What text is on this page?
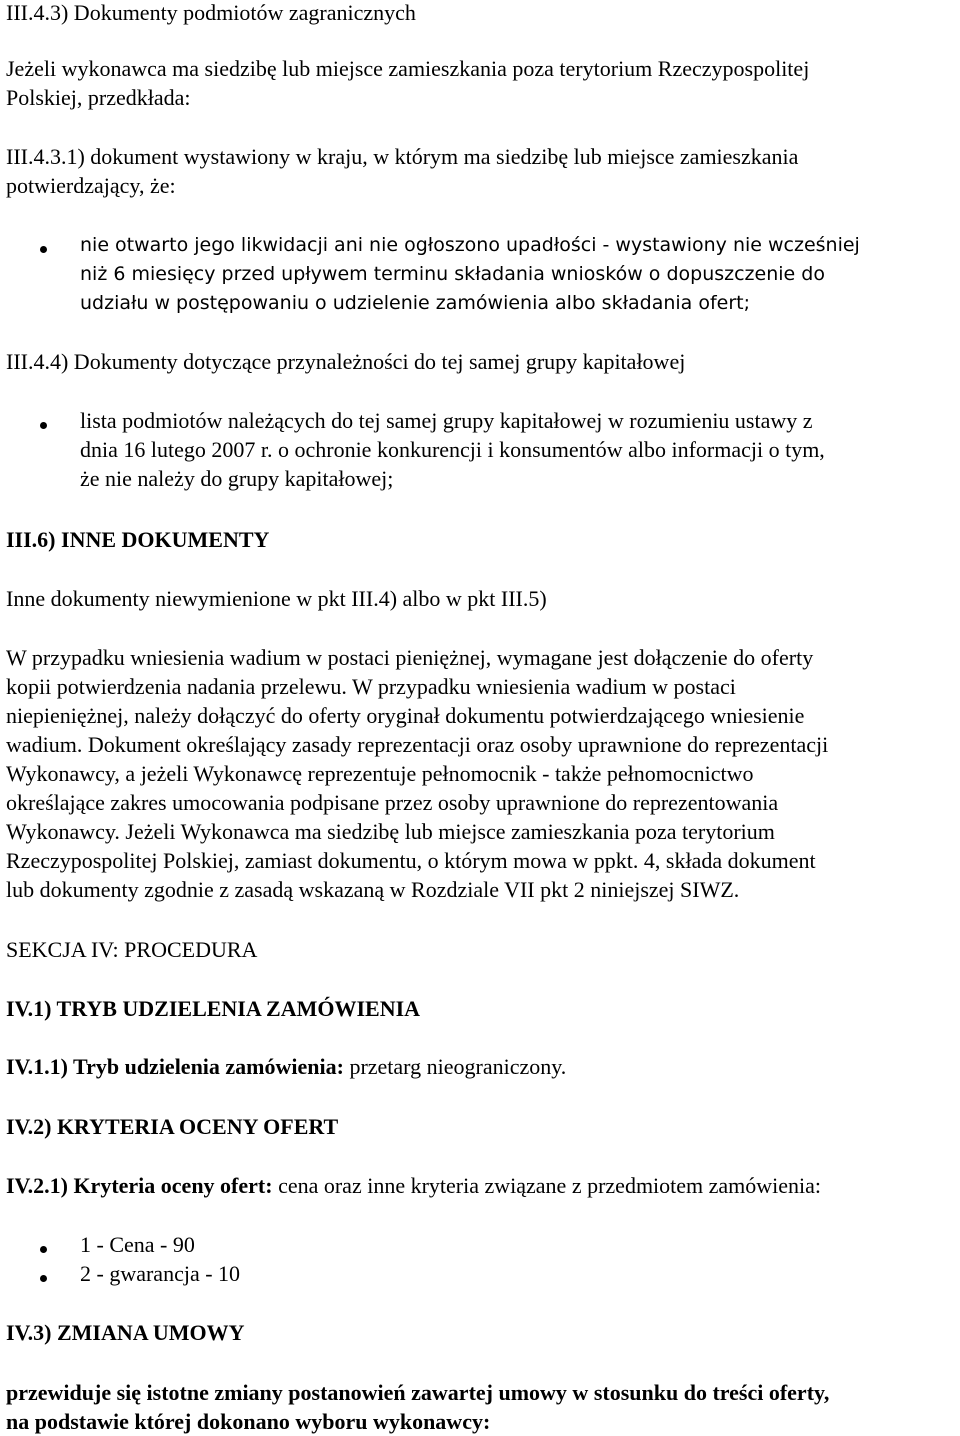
III.4.3) Dokumenty podmiotów zagranicznych

Jeżeli wykonawca ma siedzibę lub miejsce zamieszkania poza terytorium Rzeczypospolitej

Polskiej, przedkłada:

III.4.3.1) dokument wystawiony w kraju, w którym ma siedzibę lub miejsce zamieszkania

potwierdzający, że:

nie otwarto jego likwidacji ani nie ogłoszono upadłości - wystawiony nie wcześniej

niż 6 miesięcy przed upływem terminu składania wniosków o dopuszczenie do

udziału w postępowaniu o udzielenie zamówienia albo składania ofert;

III.4.4) Dokumenty dotyczące przynależności do tej samej grupy kapitałowej

lista podmiotów należących do tej samej grupy kapitałowej w rozumieniu ustawy z

dnia 16 lutego 2007 r. o ochronie konkurencji i konsumentów albo informacji o tym,

że nie należy do grupy kapitałowej;

III.6) INNE DOKUMENTY

Inne dokumenty niewymienione w pkt III.4) albo w pkt III.5)

W przypadku wniesienia wadium w postaci pieniężnej, wymagane jest dołączenie do oferty

kopii potwierdzenia nadania przelewu. W przypadku wniesienia wadium w postaci

niepieniężnej, należy dołączyć do oferty oryginał dokumentu potwierdzającego wniesienie

wadium. Dokument określający zasady reprezentacji oraz osoby uprawnione do reprezentacji

Wykonawcy, a jeżeli Wykonawcę reprezentuje pełnomocnik - także pełnomocnictwo

określające zakres umocowania podpisane przez osoby uprawnione do reprezentowania

Wykonawcy. Jeżeli Wykonawca ma siedzibę lub miejsce zamieszkania poza terytorium

Rzeczypospolitej Polskiej, zamiast dokumentu, o którym mowa w ppkt. 4, składa dokument

lub dokumenty zgodnie z zasadą wskazaną w Rozdziale VII pkt 2 niniejszej SIWZ.

SEKCJA IV: PROCEDURA

IV.1) TRYB UDZIELENIA ZAMÓWIENIA

IV.1.1) Tryb udzielenia zamówienia: przetarg nieograniczony.

IV.2) KRYTERIA OCENY OFERT

IV.2.1) Kryteria oceny ofert: cena oraz inne kryteria związane z przedmiotem zamówienia:

1 - Cena - 90

2 - gwarancja - 10

IV.3) ZMIANA UMOWY

przewiduje się istotne zmiany postanowień zawartej umowy w stosunku do treści oferty,

na podstawie której dokonano wyboru wykonawcy:
